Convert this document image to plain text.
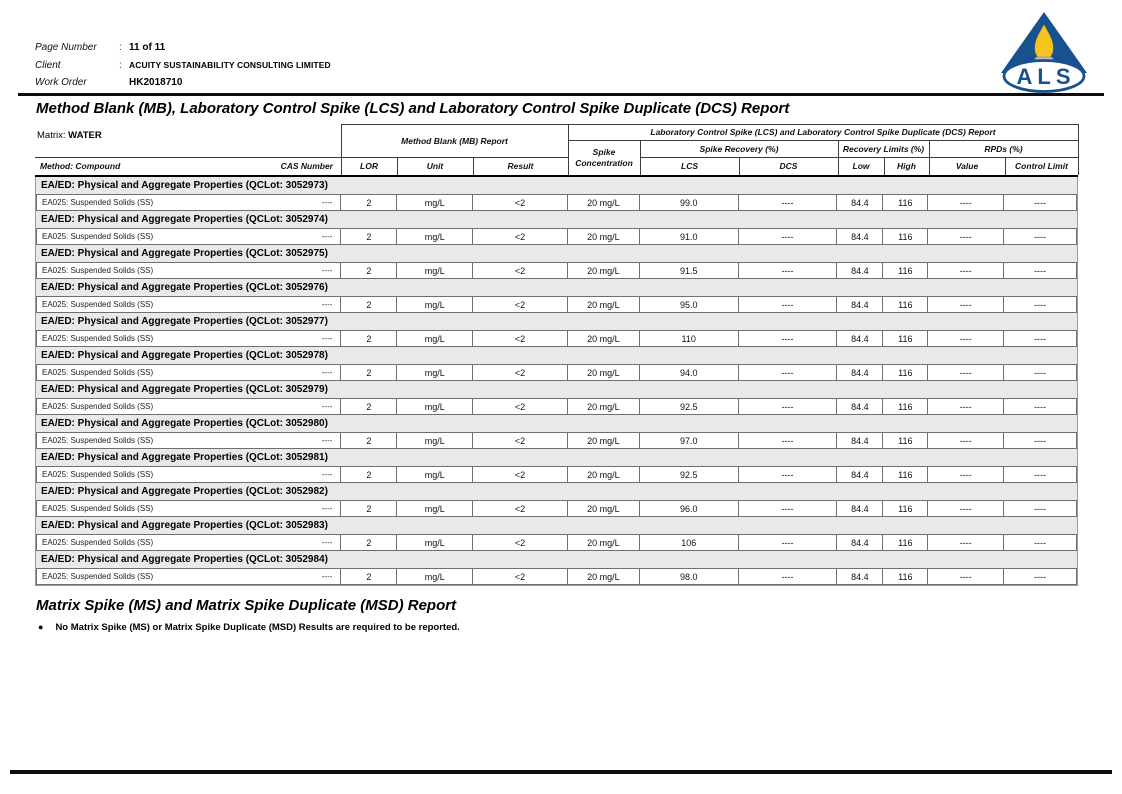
Page Number	: 11 of 11
Client	: ACUITY SUSTAINABILITY CONSULTING LIMITED
Work Order	HK2018710	ALS
Method Blank (MB), Laboratory Control Spike (LCS) and Laboratory Control Spike Duplicate (DCS) Report
Matrix: WATER	Method Blank (MB) Report
Laboratory Control Spike (LCS) and Laboratory Control Spike Duplicate (DCS) Report
Spike
Concentration
Spike Recovery (%)	Recovery Limits (%)	RPDs (%)
Method: Compound	CAS Number	LOR	Unit	Result	LCS	DCS	Low	High	Value	Control Limit
EA/ED: Physical and Aggregate Properties (QCLot: 3052973)
EA025: Suspended Solids (SS)	----	2	mg/L	<2	20 mg/L	99.0	----	84.4	116	----	----
EA/ED: Physical and Aggregate Properties (QCLot: 3052974)
EA025: Suspended Solids (SS)	----	2	mg/L	<2	20 mg/L	91.0	----	84.4	116	----	----
EA/ED: Physical and Aggregate Properties (QCLot: 3052975)
EA025: Suspended Solids (SS)	----	2	mg/L	<2	20 mg/L	91.5	----	84.4	116	----	----
EA/ED: Physical and Aggregate Properties (QCLot: 3052976)
EA025: Suspended Solids (SS)	----	2	mg/L	<2	20 mg/L	95.0	----	84.4	116	----	----
EA/ED: Physical and Aggregate Properties (QCLot: 3052977)
EA025: Suspended Solids (SS)	----	2	mg/L	<2	20 mg/L	110	----	84.4	116	----	----
EA/ED: Physical and Aggregate Properties (QCLot: 3052978)
EA025: Suspended Solids (SS)	----	2	mg/L	<2	20 mg/L	94.0	----	84.4	116	----	----
EA/ED: Physical and Aggregate Properties (QCLot: 3052979)
EA025: Suspended Solids (SS)	----	2	mg/L	<2	20 mg/L	92.5	----	84.4	116	----	----
EA/ED: Physical and Aggregate Properties (QCLot: 3052980)
EA025: Suspended Solids (SS)	----	2	mg/L	<2	20 mg/L	97.0	----	84.4	116	----	----
EA/ED: Physical and Aggregate Properties (QCLot: 3052981)
EA025: Suspended Solids (SS)	----	2	mg/L	<2	20 mg/L	92.5	----	84.4	116	----	----
EA/ED: Physical and Aggregate Properties (QCLot: 3052982)
EA025: Suspended Solids (SS)	----	2	mg/L	<2	20 mg/L	96.0	----	84.4	116	----	----
EA/ED: Physical and Aggregate Properties (QCLot: 3052983)
EA025: Suspended Solids (SS)	----	2	mg/L	<2	20 mg/L	106	----	84.4	116	----	----
EA/ED: Physical and Aggregate Properties (QCLot: 3052984)
EA025: Suspended Solids (SS)	----	2	mg/L	<2	20 mg/L	98.0	----	84.4	116	----	----
Matrix Spike (MS) and Matrix Spike Duplicate (MSD) Report
● No Matrix Spike (MS) or Matrix Spike Duplicate (MSD) Results are required to be reported.
